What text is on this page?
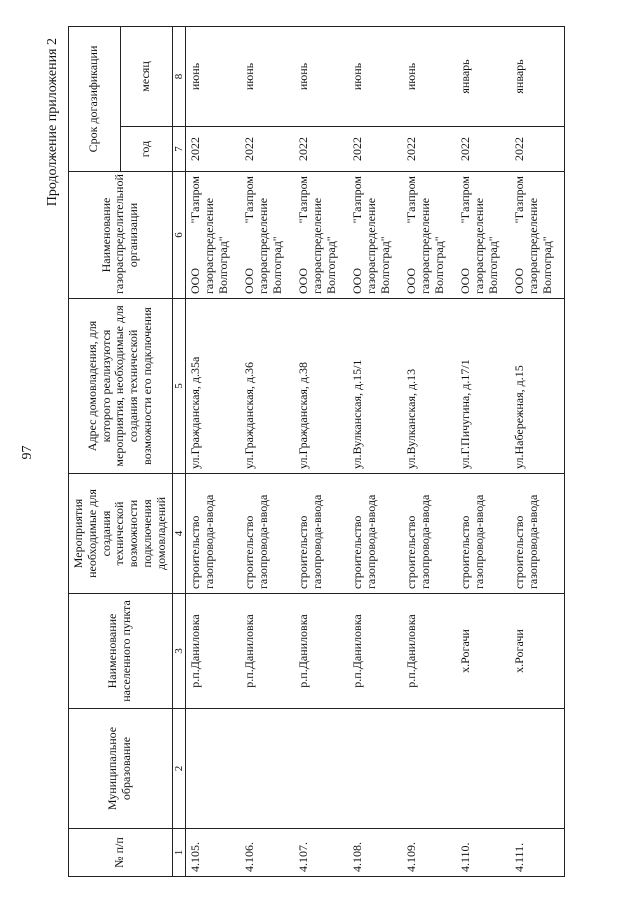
97
Продолжение приложения 2
№ п/п	Муниципальное образование	Наименование населенного пункта	Мероприятия необходимые для создания технической возможности подключения домовладений	Адрес домовладения, для которого реализуются мероприятия, необходимые для создания технической возможности его подключения	Наименование газораспределительной организации	Срок догазификации	
						год	месяц
1	2	3	4	5	6	7	8
4.105.		р.п.Даниловка	строительство газопровода-ввода	ул.Гражданская, д.35а	ООО "Газпром газораспределение Волгоград"	2022	июнь
4.106.		р.п.Даниловка	строительство газопровода-ввода	ул.Гражданская, д.36	ООО "Газпром газораспределение Волгоград"	2022	июнь
4.107.		р.п.Даниловка	строительство газопровода-ввода	ул.Гражданская, д.38	ООО "Газпром газораспределение Волгоград"	2022	июнь
4.108.		р.п.Даниловка	строительство газопровода-ввода	ул.Вулканская, д.15/1	ООО "Газпром газораспределение Волгоград"	2022	июнь
4.109.		р.п.Даниловка	строительство газопровода-ввода	ул.Вулканская, д.13	ООО "Газпром газораспределение Волгоград"	2022	июнь
4.110.		х.Рогачи	строительство газопровода-ввода	ул.Г.Пичугина, д.17/1	ООО "Газпром газораспределение Волгоград"	2022	январь
4.111.		х.Рогачи	строительство газопровода-ввода	ул.Набережная, д.15	ООО "Газпром газораспределение Волгоград"	2022	январь
